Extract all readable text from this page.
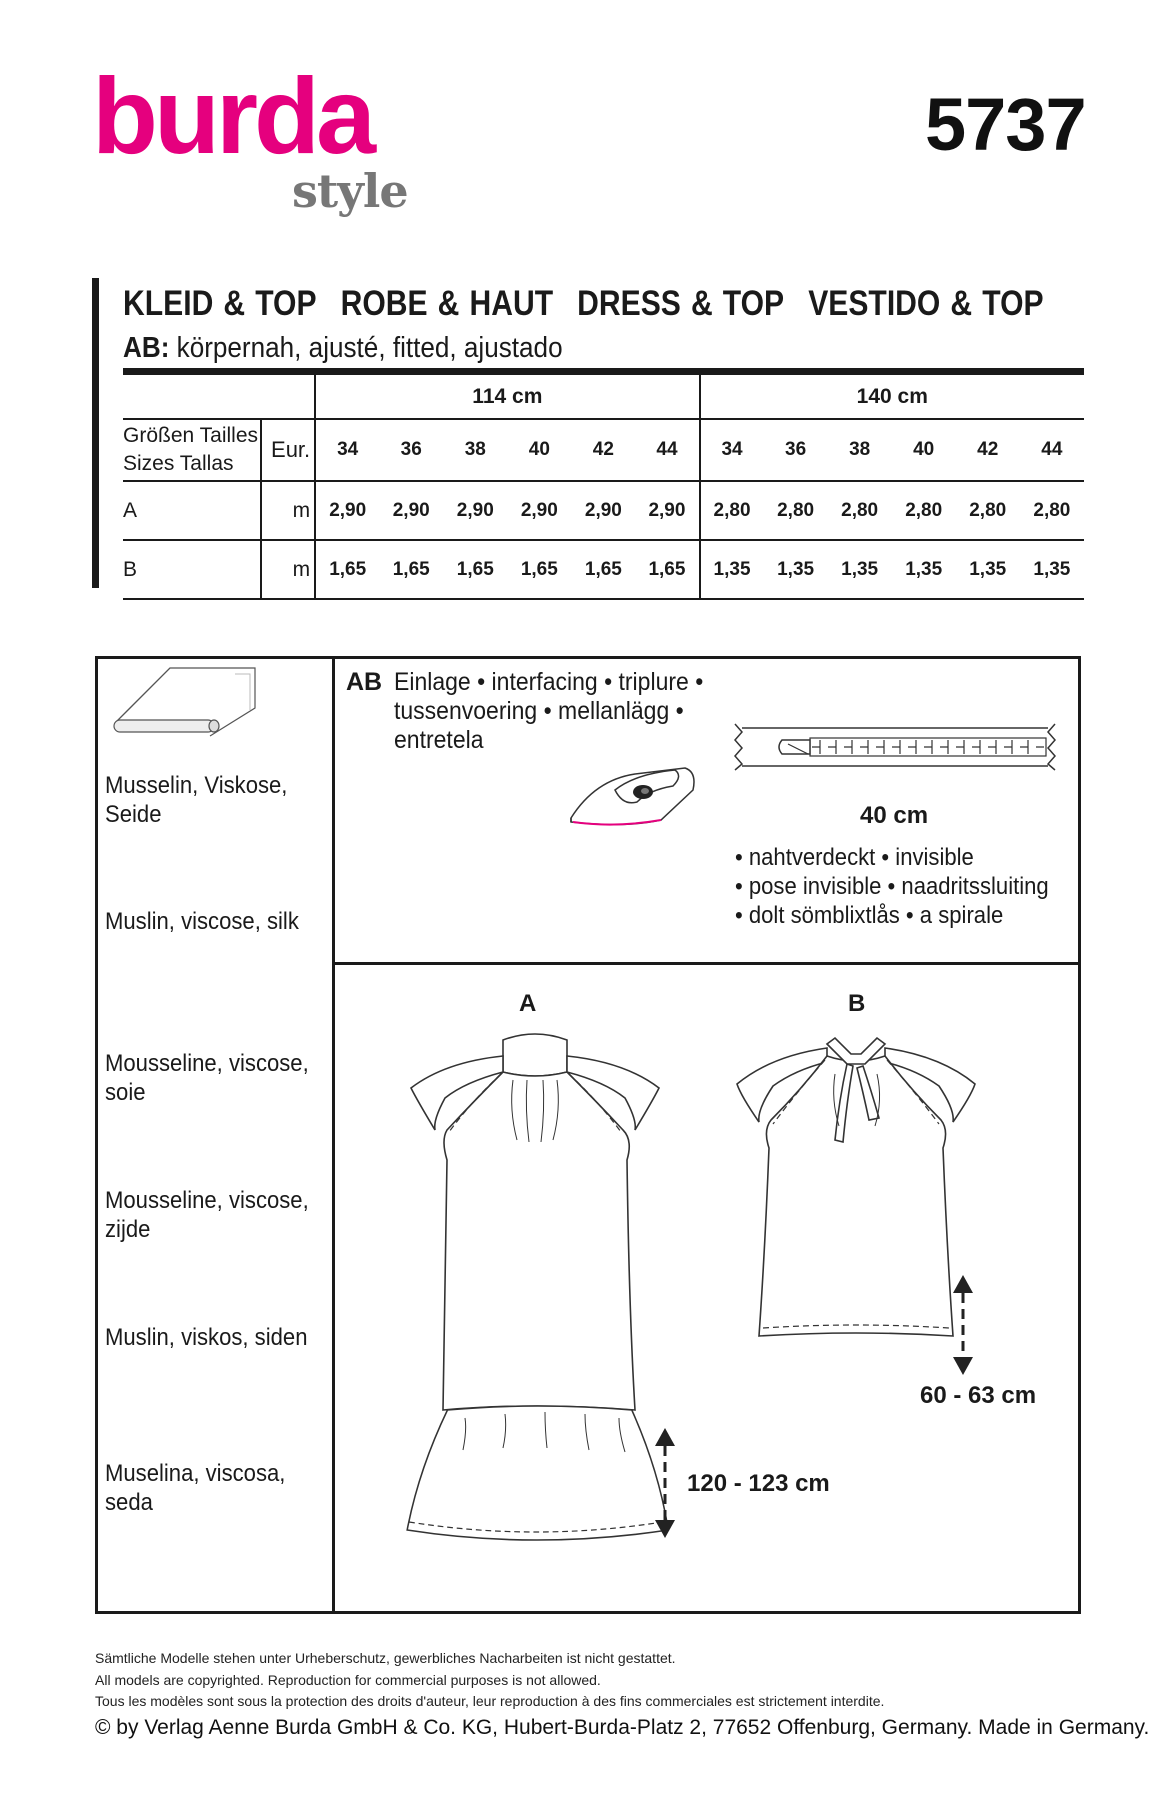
burda
style
5737
KLEID & TOP ROBE & HAUT DRESS & TOP VESTIDO & TOP
AB: körpernah, ajusté, fitted, ajustado
		114 cm						140 cm					

Größen Tailles
Sizes Tallas	Eur.	34	36	38	40	42	44	34	36	38	40	42	44
A	m	2,90	2,90	2,90	2,90	2,90	2,90	2,80	2,80	2,80	2,80	2,80	2,80
B	m	1,65	1,65	1,65	1,65	1,65	1,65	1,35	1,35	1,35	1,35	1,35	1,35
Musselin, Viskose,
Seide
Muslin, viscose, silk
Mousseline, viscose,
soie
Mousseline, viscose,
zijde
Muslin, viskos, siden
Muselina, viscosa,
seda
AB Einlage • interfacing • triplure •
tussenvoering • mellanlägg •
entretela
40 cm
• nahtverdeckt • invisible
• pose invisible • naadritssluiting
• dolt sömblixtlås • a spirale
A	B
120 - 123 cm
60 - 63 cm
Sämtliche Modelle stehen unter Urheberschutz, gewerbliches Nacharbeiten ist nicht gestattet.
All models are copyrighted. Reproduction for commercial purposes is not allowed.
Tous les modèles sont sous la protection des droits d'auteur, leur reproduction à des fins commerciales est strictement interdite.
© by Verlag Aenne Burda GmbH & Co. KG, Hubert-Burda-Platz 2, 77652 Offenburg, Germany. Made in Germany.
